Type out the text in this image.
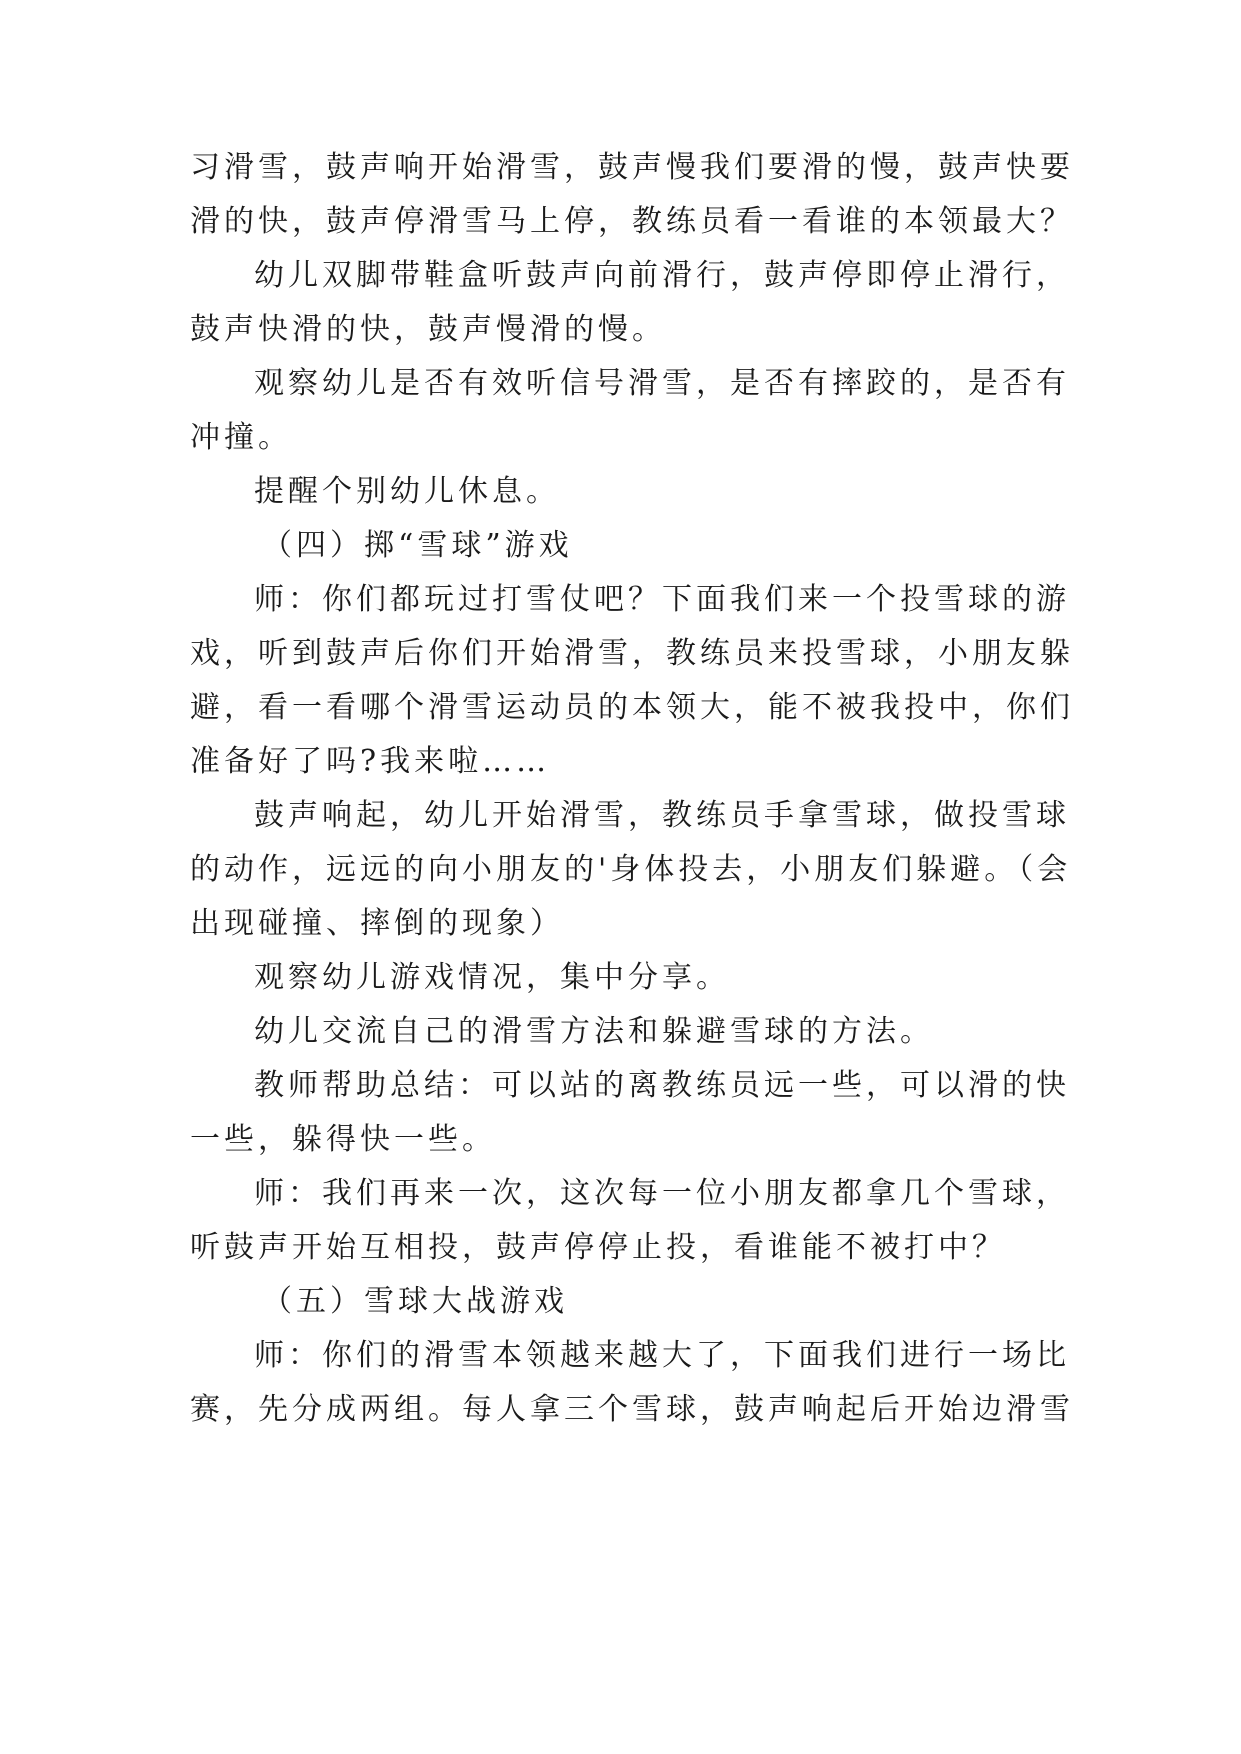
习滑雪，鼓声响开始滑雪，鼓声慢我们要滑的慢，鼓声快要
滑的快，鼓声停滑雪马上停，教练员看一看谁的本领最大？
幼儿双脚带鞋盒听鼓声向前滑行，鼓声停即停止滑行，
鼓声快滑的快，鼓声慢滑的慢。
观察幼儿是否有效听信号滑雪，是否有摔跤的，是否有
冲撞。
提醒个别幼儿休息。
（四）掷“雪球”游戏
师：你们都玩过打雪仗吧？下面我们来一个投雪球的游
戏，听到鼓声后你们开始滑雪，教练员来投雪球，小朋友躲
避，看一看哪个滑雪运动员的本领大，能不被我投中，你们
准备好了吗?我来啦……
鼓声响起，幼儿开始滑雪，教练员手拿雪球，做投雪球
的动作，远远的向小朋友的'身体投去，小朋友们躲避。（会
出现碰撞、摔倒的现象）
观察幼儿游戏情况，集中分享。
幼儿交流自己的滑雪方法和躲避雪球的方法。
教师帮助总结：可以站的离教练员远一些，可以滑的快
一些，躲得快一些。
师：我们再来一次，这次每一位小朋友都拿几个雪球，
听鼓声开始互相投，鼓声停停止投，看谁能不被打中？
（五）雪球大战游戏
师：你们的滑雪本领越来越大了，下面我们进行一场比
赛，先分成两组。每人拿三个雪球，鼓声响起后开始边滑雪
